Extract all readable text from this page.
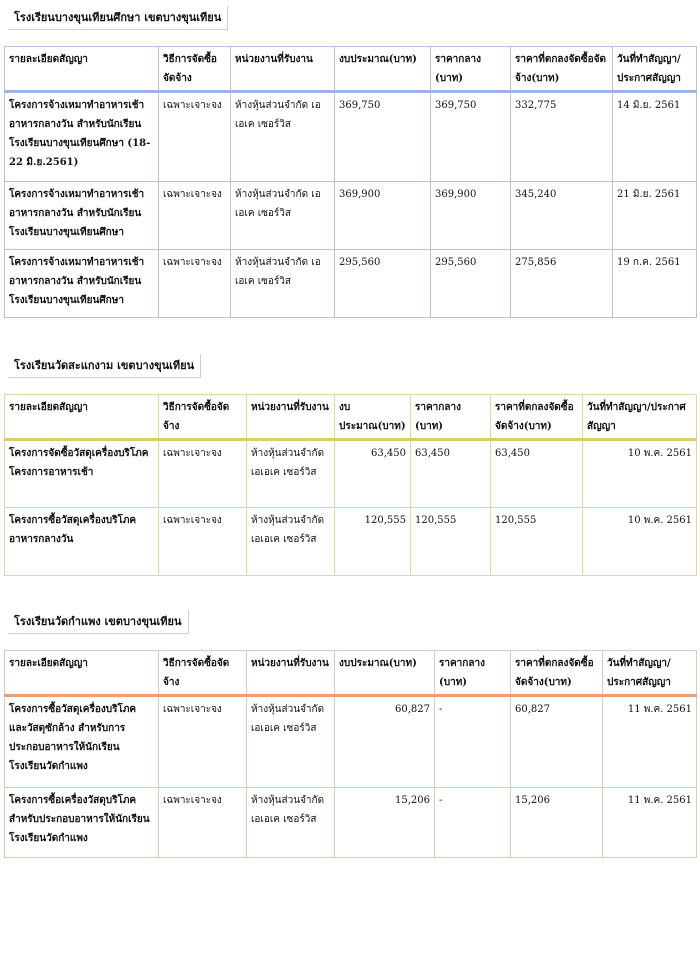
โรงเรียนบางขุนเทียนศึกษา เขตบางขุนเทียน
รายละเอียดสัญญา	วิธีการจัดซื้อจัดจ้าง	หน่วยงานที่รับงาน	งบประมาณ(บาท)	ราคากลาง (บาท)	ราคาที่ตกลงจัดซื้อจัดจ้าง(บาท)	วันที่ทำสัญญา/ประกาศสัญญา
โครงการจ้างเหมาทำอาหารเช้า อาหารกลางวัน สำหรับนักเรียนโรงเรียนบางขุนเทียนศึกษา (18-22 มิ.ย.2561)	เฉพาะเจาะจง	ห้างหุ้นส่วนจำกัด เอเอเค เซอร์วิส	369,750	369,750	332,775	14 มิ.ย. 2561
โครงการจ้างเหมาทำอาหารเช้า อาหารกลางวัน สำหรับนักเรียนโรงเรียนบางขุนเทียนศึกษา	เฉพาะเจาะจง	ห้างหุ้นส่วนจำกัด เอเอเค เซอร์วิส	369,900	369,900	345,240	21 มิ.ย. 2561
โครงการจ้างเหมาทำอาหารเช้า อาหารกลางวัน สำหรับนักเรียนโรงเรียนบางขุนเทียนศึกษา	เฉพาะเจาะจง	ห้างหุ้นส่วนจำกัด เอเอเค เซอร์วิส	295,560	295,560	275,856	19 ก.ค. 2561
โรงเรียนวัดสะแกงาม เขตบางขุนเทียน
รายละเอียดสัญญา	วิธีการจัดซื้อจัดจ้าง	หน่วยงานที่รับงาน	งบประมาณ(บาท)	ราคากลาง (บาท)	ราคาที่ตกลงจัดซื้อจัดจ้าง(บาท)	วันที่ทำสัญญา/ประกาศสัญญา
โครงการจัดซื้อวัสดุเครื่องบริโภค โครงการอาหารเช้า	เฉพาะเจาะจง	ห้างหุ้นส่วนจำกัด เอเอเค เซอร์วิส	63,450	63,450	63,450	10 พ.ค. 2561
โครงการซื้อวัสดุเครื่องบริโภค อาหารกลางวัน	เฉพาะเจาะจง	ห้างหุ้นส่วนจำกัด เอเอเค เซอร์วิส	120,555	120,555	120,555	10 พ.ค. 2561
โรงเรียนวัดกำแพง เขตบางขุนเทียน
รายละเอียดสัญญา	วิธีการจัดซื้อจัดจ้าง	หน่วยงานที่รับงาน	งบประมาณ(บาท)	ราคากลาง (บาท)	ราคาที่ตกลงจัดซื้อจัดจ้าง(บาท)	วันที่ทำสัญญา/ประกาศสัญญา
โครงการซื้อวัสดุเครื่องบริโภคและวัสดุซักล้าง สำหรับการประกอบอาหารให้นักเรียนโรงเรียนวัดกำแพง	เฉพาะเจาะจง	ห้างหุ้นส่วนจำกัด เอเอเค เซอร์วิส	60,827	-	60,827	11 พ.ค. 2561
โครงการซื้อเครื่องวัสดุบริโภค สำหรับประกอบอาหารให้นักเรียนโรงเรียนวัดกำแพง	เฉพาะเจาะจง	ห้างหุ้นส่วนจำกัด เอเอเค เซอร์วิส	15,206	-	15,206	11 พ.ค. 2561
